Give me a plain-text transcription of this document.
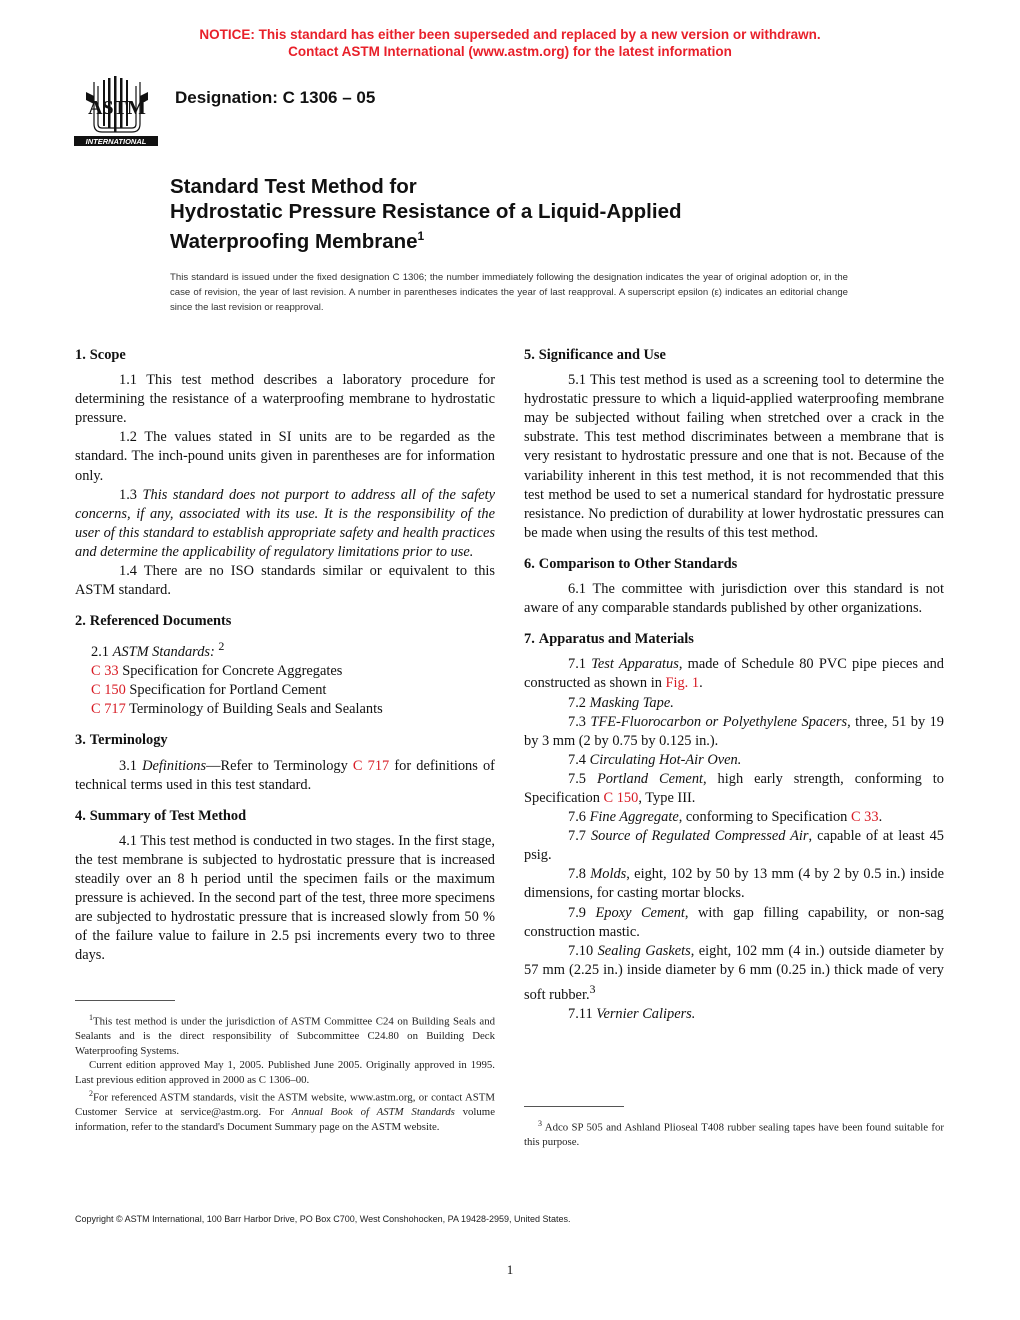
NOTICE: This standard has either been superseded and replaced by a new version or withdrawn.
Contact ASTM International (www.astm.org) for the latest information
ASTM
INTERNATIONAL
Designation: C 1306 – 05
Standard Test Method for
Hydrostatic Pressure Resistance of a Liquid-Applied
Waterproofing Membrane$^1$
This standard is issued under the fixed designation C 1306; the number immediately following the designation indicates the year of original adoption or, in the case of revision, the year of last revision. A number in parentheses indicates the year of last reapproval. A superscript epsilon (ε) indicates an editorial change since the last revision or reapproval.
1. Scope

1.1 This test method describes a laboratory procedure for determining the resistance of a waterproofing membrane to hydrostatic pressure.

1.2 The values stated in SI units are to be regarded as the standard. The inch-pound units given in parentheses are for information only.

1.3 This standard does not purport to address all of the safety concerns, if any, associated with its use. It is the responsibility of the user of this standard to establish appropriate safety and health practices and determine the applicability of regulatory limitations prior to use.

1.4 There are no ISO standards similar or equivalent to this ASTM standard.

2. Referenced Documents

2.1 ASTM Standards: $^2$

C 33 Specification for Concrete Aggregates

C 150 Specification for Portland Cement

C 717 Terminology of Building Seals and Sealants

3. Terminology

3.1 Definitions—Refer to Terminology C 717 for definitions of technical terms used in this test standard.

4. Summary of Test Method

4.1 This test method is conducted in two stages. In the first stage, the test membrane is subjected to hydrostatic pressure that is increased steadily over an 8 h period until the specimen fails or the maximum pressure is achieved. In the second part of the test, three more specimens are subjected to hydrostatic pressure that is increased slowly from 50 % of the failure value to failure in 2.5 psi increments every two to three days.

5. Significance and Use

5.1 This test method is used as a screening tool to determine the hydrostatic pressure to which a liquid-applied waterproofing membrane may be subjected without failing when stretched over a crack in the substrate. This test method discriminates between a membrane that is very resistant to hydrostatic pressure and one that is not. Because of the variability inherent in this test method, it is not recommended that this test method be used to set a numerical standard for hydrostatic pressure resistance. No prediction of durability at lower hydrostatic pressures can be made when using the results of this test method.

6. Comparison to Other Standards

6.1 The committee with jurisdiction over this standard is not aware of any comparable standards published by other organizations.

7. Apparatus and Materials

7.1 Test Apparatus, made of Schedule 80 PVC pipe pieces and constructed as shown in Fig. 1.

7.2 Masking Tape.

7.3 TFE-Fluorocarbon or Polyethylene Spacers, three, 51 by 19 by 3 mm (2 by 0.75 by 0.125 in.).

7.4 Circulating Hot-Air Oven.

7.5 Portland Cement, high early strength, conforming to Specification C 150, Type III.

7.6 Fine Aggregate, conforming to Specification C 33.

7.7 Source of Regulated Compressed Air, capable of at least 45 psig.

7.8 Molds, eight, 102 by 50 by 13 mm (4 by 2 by 0.5 in.) inside dimensions, for casting mortar blocks.

7.9 Epoxy Cement, with gap filling capability, or non-sag construction mastic.

7.10 Sealing Gaskets, eight, 102 mm (4 in.) outside diameter by 57 mm (2.25 in.) inside diameter by 6 mm (0.25 in.) thick made of very soft rubber.$^3$

7.11 Vernier Calipers.

$^1$This test method is under the jurisdiction of ASTM Committee C24 on Building Seals and Sealants and is the direct responsibility of Subcommittee C24.80 on Building Deck Waterproofing Systems.

Current edition approved May 1, 2005. Published June 2005. Originally approved in 1995. Last previous edition approved in 2000 as C 1306–00.

$^2$For referenced ASTM standards, visit the ASTM website, www.astm.org, or contact ASTM Customer Service at service@astm.org. For Annual Book of ASTM Standards volume information, refer to the standard's Document Summary page on the ASTM website.	$^3$ Adco SP 505 and Ashland Plioseal T408 rubber sealing tapes have been found suitable for this purpose.

Copyright © ASTM International, 100 Barr Harbor Drive, PO Box C700, West Conshohocken, PA 19428-2959, United States.
1
